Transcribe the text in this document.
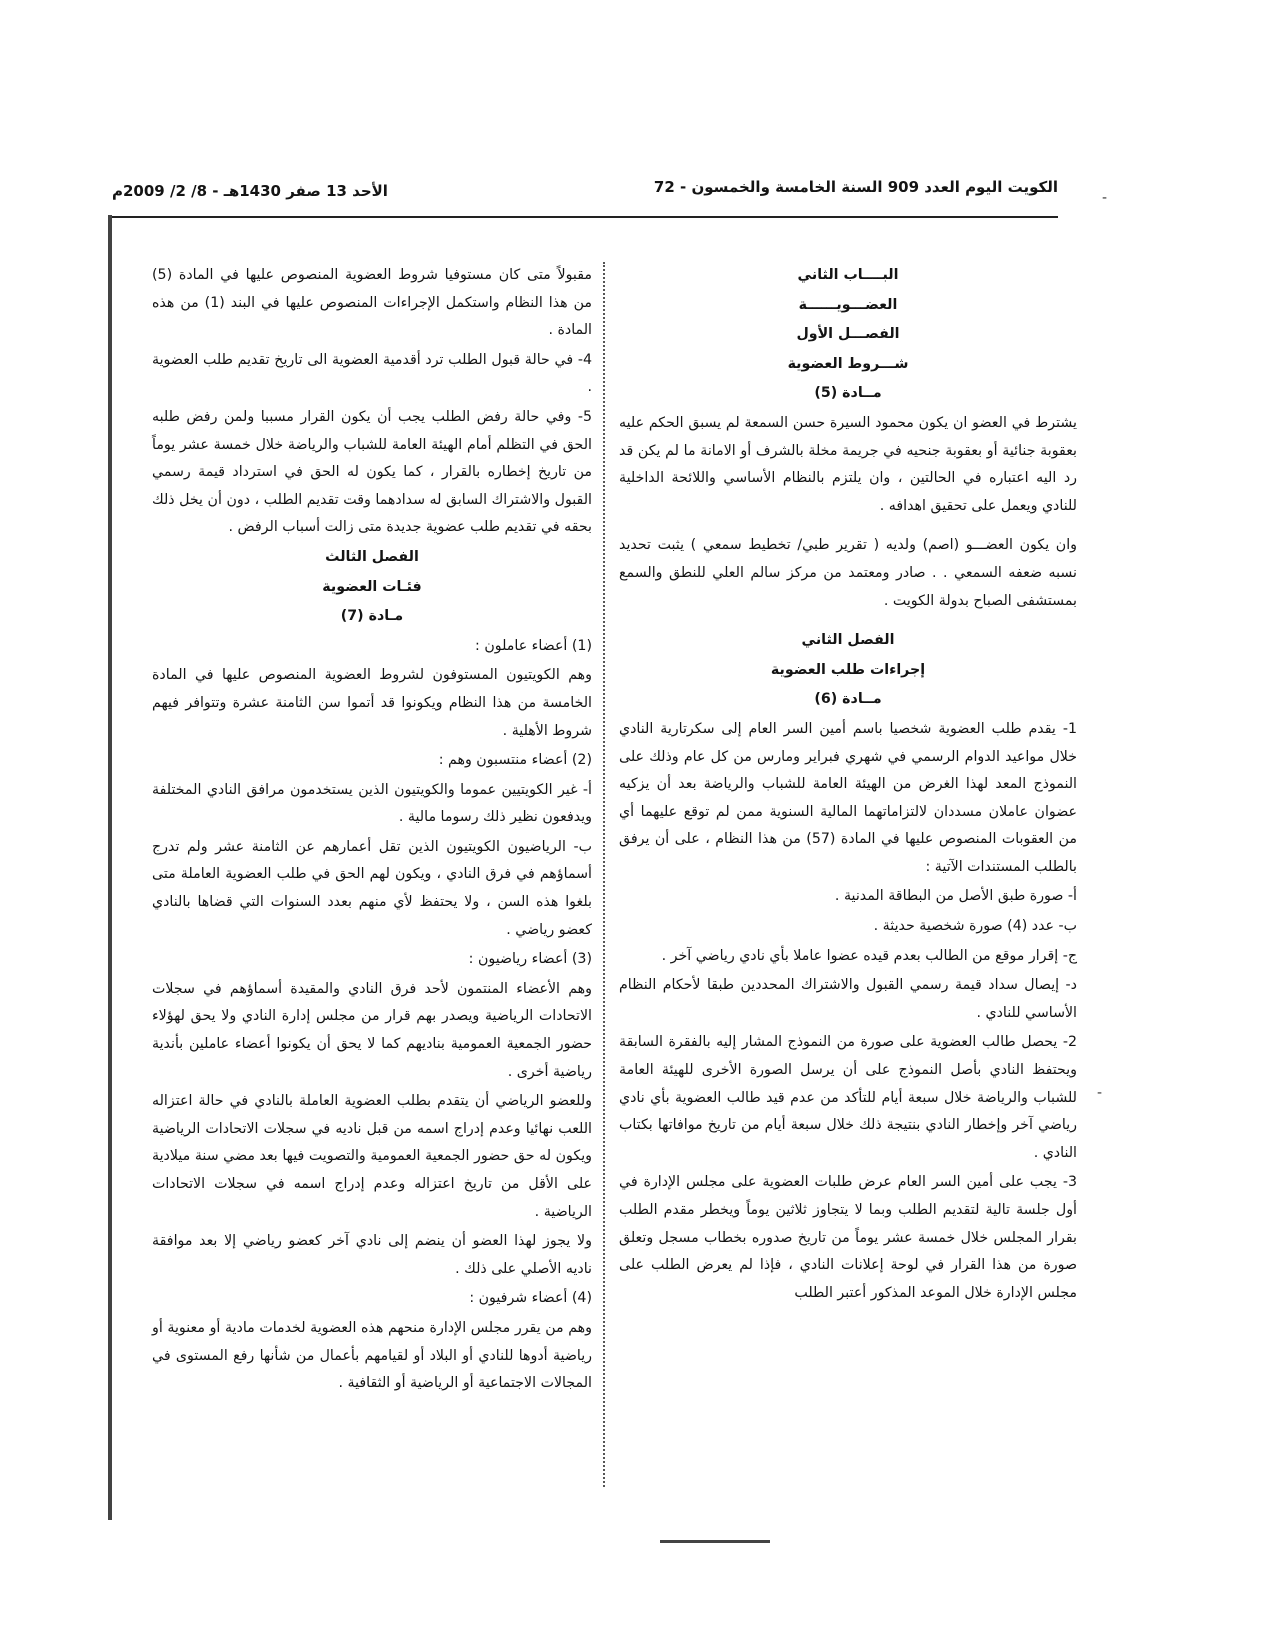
-
-
الكويت اليوم العدد 909 السنة الخامسة والخمسون - 72
الأحد 13 صفر 1430هـ - 8/ 2/ 2009م

البــــاب الثاني

العضـــويــــــة

الفصـــل الأول

شـــروط العضوية

مــادة (5)

يشترط في العضو ان يكون محمود السيرة حسن السمعة لم يسبق الحكم عليه بعقوبة جنائية أو بعقوبة جنحيه في جريمة مخلة بالشرف أو الامانة ما لم يكن قد رد اليه اعتباره في الحالتين ، وان يلتزم بالنظام الأساسي واللائحة الداخلية للنادي ويعمل على تحقيق اهدافه .

وان يكون العضـــو (اصم) ولديه ( تقرير طبي/ تخطيط سمعي ) يثبت تحديد نسبه ضعفه السمعي . . صادر ومعتمد من مركز سالم العلي للنطق والسمع بمستشفى الصباح بدولة الكويت .

الفصل الثاني

إجراءات طلب العضوية

مــادة (6)

1- يقدم طلب العضوية شخصيا باسم أمين السر العام إلى سكرتارية النادي خلال مواعيد الدوام الرسمي في شهري فبراير ومارس من كل عام وذلك على النموذج المعد لهذا الغرض من الهيئة العامة للشباب والرياضة بعد أن يزكيه عضوان عاملان مسددان لالتزاماتهما المالية السنوية ممن لم توقع عليهما أي من العقوبات المنصوص عليها في المادة (57) من هذا النظام ، على أن يرفق بالطلب المستندات الآتية :

أ- صورة طبق الأصل من البطاقة المدنية .

ب- عدد (4) صورة شخصية حديثة .

ج- إقرار موقع من الطالب بعدم قيده عضوا عاملا بأي نادي رياضي آخر .

د- إيصال سداد قيمة رسمي القبول والاشتراك المحددين طبقا لأحكام النظام الأساسي للنادي .

2- يحصل طالب العضوية على صورة من النموذج المشار إليه بالفقرة السابقة ويحتفظ النادي بأصل النموذج على أن يرسل الصورة الأخرى للهيئة العامة للشباب والرياضة خلال سبعة أيام للتأكد من عدم قيد طالب العضوية بأي نادي رياضي آخر وإخطار النادي بنتيجة ذلك خلال سبعة أيام من تاريخ موافاتها بكتاب النادي .

3- يجب على أمين السر العام عرض طلبات العضوية على مجلس الإدارة في أول جلسة تالية لتقديم الطلب وبما لا يتجاوز ثلاثين يوماً ويخطر مقدم الطلب بقرار المجلس خلال خمسة عشر يوماً من تاريخ صدوره بخطاب مسجل وتعلق صورة من هذا القرار في لوحة إعلانات النادي ، فإذا لم يعرض الطلب على مجلس الإدارة خلال الموعد المذكور أعتبر الطلب

مقبولاً متى كان مستوفيا شروط العضوية المنصوص عليها في المادة (5) من هذا النظام واستكمل الإجراءات المنصوص عليها في البند (1) من هذه المادة .

4- في حالة قبول الطلب ترد أقدمية العضوية الى تاريخ تقديم طلب العضوية .

5- وفي حالة رفض الطلب يجب أن يكون القرار مسببا ولمن رفض طلبه الحق في التظلم أمام الهيئة العامة للشباب والرياضة خلال خمسة عشر يوماً من تاريخ إخطاره بالقرار ، كما يكون له الحق في استرداد قيمة رسمي القبول والاشتراك السابق له سدادهما وقت تقديم الطلب ، دون أن يخل ذلك بحقه في تقديم طلب عضوية جديدة متى زالت أسباب الرفض .

الفصل الثالث

فئـات العضوية

مـادة (7)

(1) أعضاء عاملون :

وهم الكويتيون المستوفون لشروط العضوية المنصوص عليها في المادة الخامسة من هذا النظام ويكونوا قد أتموا سن الثامنة عشرة وتتوافر فيهم شروط الأهلية .

(2) أعضاء منتسبون وهم :

أ- غير الكويتيين عموما والكويتيون الذين يستخدمون مرافق النادي المختلفة ويدفعون نظير ذلك رسوما مالية .

ب- الرياضيون الكويتيون الذين تقل أعمارهم عن الثامنة عشر ولم تدرج أسماؤهم في فرق النادي ، ويكون لهم الحق في طلب العضوية العاملة متى بلغوا هذه السن ، ولا يحتفظ لأي منهم بعدد السنوات التي قضاها بالنادي كعضو رياضي .

(3) أعضاء رياضيون :

وهم الأعضاء المنتمون لأحد فرق النادي والمقيدة أسماؤهم في سجلات الاتحادات الرياضية ويصدر بهم قرار من مجلس إدارة النادي ولا يحق لهؤلاء حضور الجمعية العمومية بناديهم كما لا يحق أن يكونوا أعضاء عاملين بأندية رياضية أخرى .

وللعضو الرياضي أن يتقدم بطلب العضوية العاملة بالنادي في حالة اعتزاله اللعب نهائيا وعدم إدراج اسمه من قبل ناديه في سجلات الاتحادات الرياضية ويكون له حق حضور الجمعية العمومية والتصويت فيها بعد مضي سنة ميلادية على الأقل من تاريخ اعتزاله وعدم إدراج اسمه في سجلات الاتحادات الرياضية .

ولا يجوز لهذا العضو أن ينضم إلى نادي آخر كعضو رياضي إلا بعد موافقة ناديه الأصلي على ذلك .

(4) أعضاء شرفيون :

وهم من يقرر مجلس الإدارة منحهم هذه العضوية لخدمات مادية أو معنوية أو رياضية أدوها للنادي أو البلاد أو لقيامهم بأعمال من شأنها رفع المستوى في المجالات الاجتماعية أو الرياضية أو الثقافية .
